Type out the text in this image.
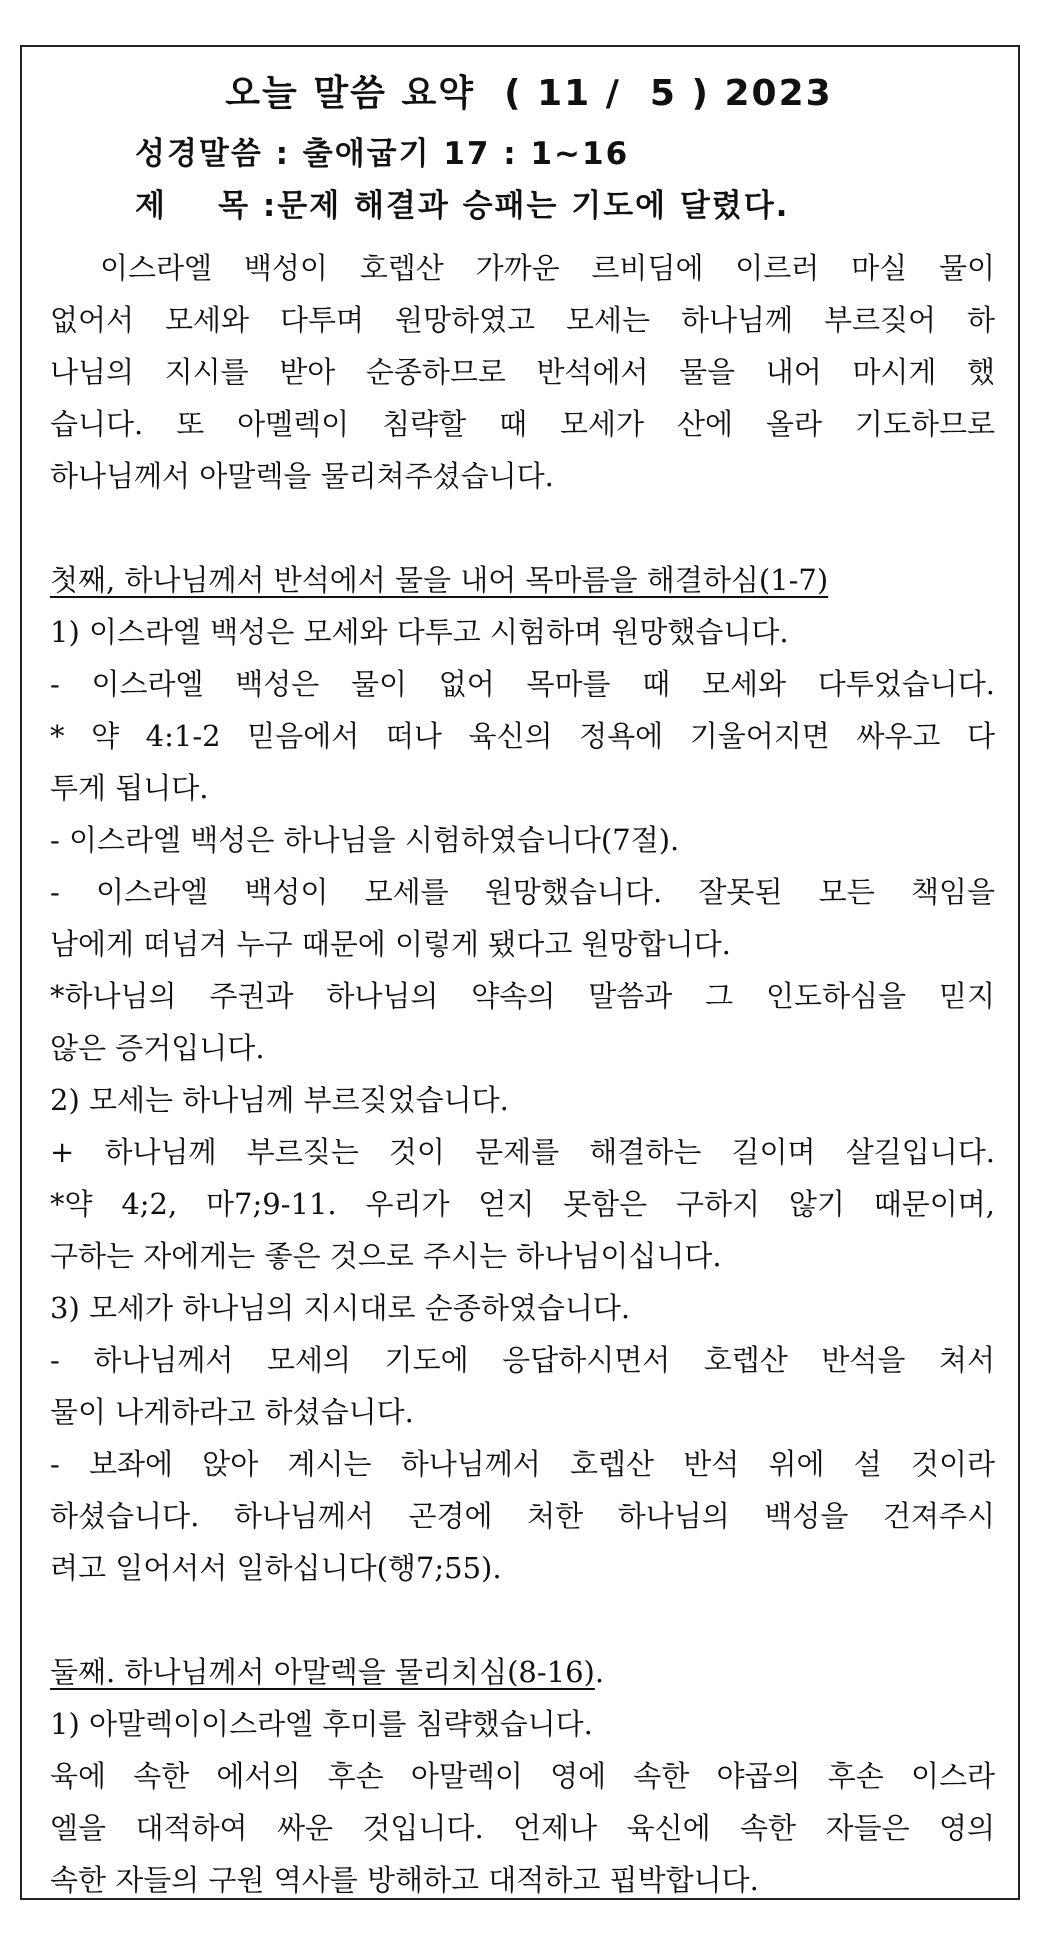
오늘 말씀 요약 ( 11 /  5 ) 2023
성경말씀 : 출애굽기 17 : 1~16
제    목 :문제 해결과 승패는 기도에 달렸다.
이스라엘 백성이 호렙산 가까운 르비딤에 이르러 마실 물이
없어서 모세와 다투며 원망하였고 모세는 하나님께 부르짖어 하
나님의 지시를 받아 순종하므로 반석에서 물을 내어 마시게 했
습니다. 또 아멜렉이 침략할 때 모세가 산에 올라 기도하므로
하나님께서 아말렉을 물리쳐주셨습니다.
첫째, 하나님께서 반석에서 물을 내어 목마름을 해결하심(1-7)
1) 이스라엘 백성은 모세와 다투고 시험하며 원망했습니다.
- 이스라엘 백성은 물이 없어 목마를 때 모세와 다투었습니다.
* 약 4:1-2 믿음에서 떠나 육신의 정욕에 기울어지면 싸우고 다
투게 됩니다.
- 이스라엘 백성은 하나님을 시험하였습니다(7절).
- 이스라엘 백성이 모세를 원망했습니다. 잘못된 모든 책임을
남에게 떠넘겨 누구 때문에 이렇게 됐다고 원망합니다.
*하나님의 주권과 하나님의 약속의 말씀과 그 인도하심을 믿지
않은 증거입니다.
2) 모세는 하나님께 부르짖었습니다.
+ 하나님께 부르짖는 것이 문제를 해결하는 길이며 살길입니다.
*약 4;2, 마7;9-11. 우리가 얻지 못함은 구하지 않기 때문이며,
구하는 자에게는 좋은 것으로 주시는 하나님이십니다.
3) 모세가 하나님의 지시대로 순종하였습니다.
- 하나님께서 모세의 기도에 응답하시면서 호렙산 반석을 쳐서
물이 나게하라고 하셨습니다.
- 보좌에 앉아 계시는 하나님께서 호렙산 반석 위에 설 것이라
하셨습니다. 하나님께서 곤경에 처한 하나님의 백성을 건져주시
려고 일어서서 일하십니다(행7;55).
둘째. 하나님께서 아말렉을 물리치심(8-16).
1) 아말렉이이스라엘 후미를 침략했습니다.
육에 속한 에서의 후손 아말렉이 영에 속한 야곱의 후손 이스라
엘을 대적하여 싸운 것입니다. 언제나 육신에 속한 자들은 영의
속한 자들의 구원 역사를 방해하고 대적하고 핍박합니다.
